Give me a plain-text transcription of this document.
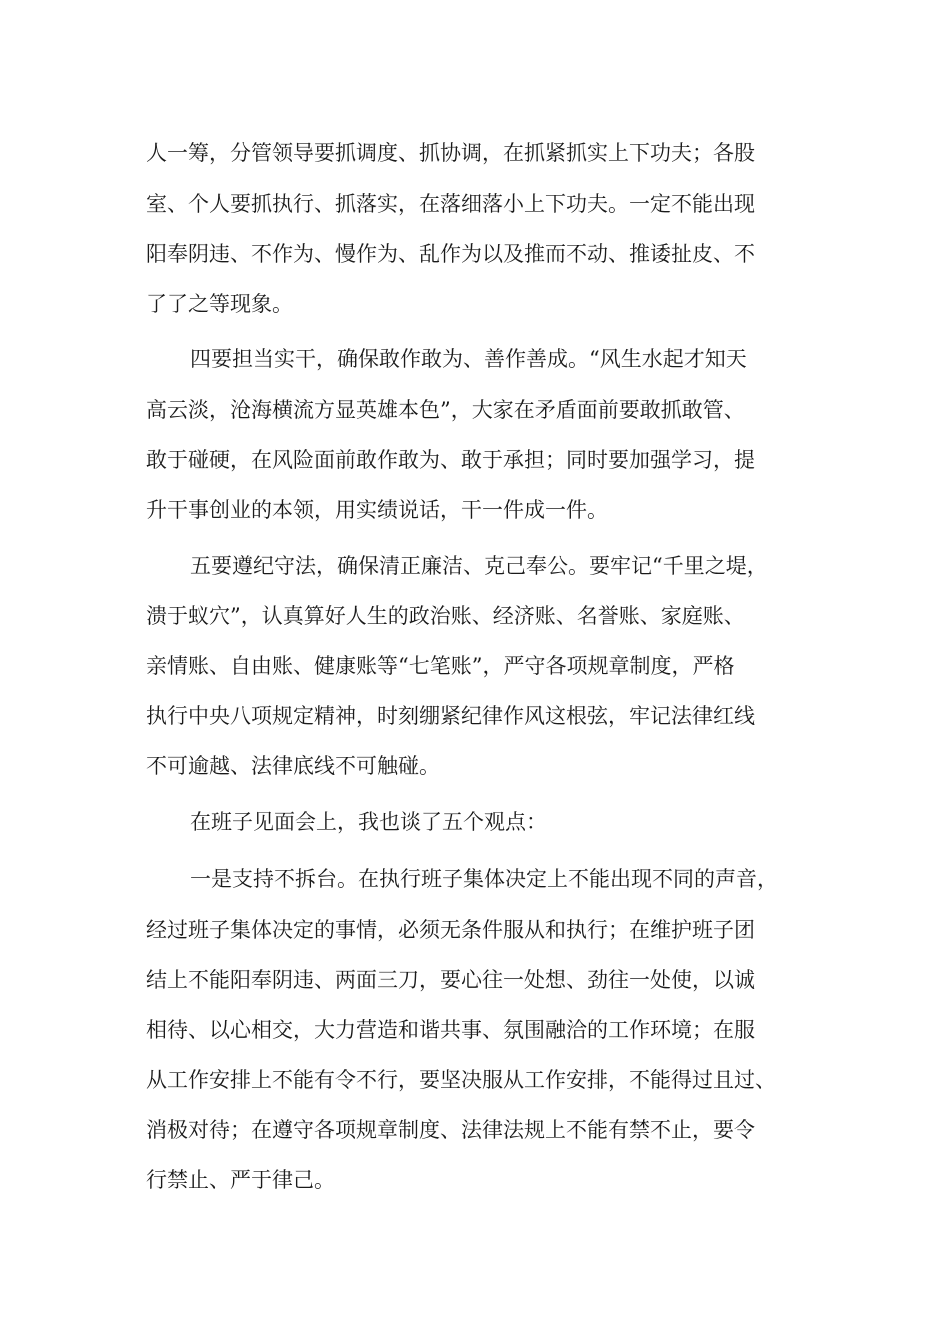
人一筹，分管领导要抓调度、抓协调，在抓紧抓实上下功夫；各股
室、个人要抓执行、抓落实，在落细落小上下功夫。一定不能出现
阳奉阴违、不作为、慢作为、乱作为以及推而不动、推诿扯皮、不
了了之等现象。
四要担当实干，确保敢作敢为、善作善成。“风生水起才知天
高云淡，沧海横流方显英雄本色”，大家在矛盾面前要敢抓敢管、
敢于碰硬，在风险面前敢作敢为、敢于承担；同时要加强学习，提
升干事创业的本领，用实绩说话，干一件成一件。
五要遵纪守法，确保清正廉洁、克己奉公。要牢记“千里之堤，
溃于蚁穴”，认真算好人生的政治账、经济账、名誉账、家庭账、
亲情账、自由账、健康账等“七笔账”，严守各项规章制度，严格
执行中央八项规定精神，时刻绷紧纪律作风这根弦，牢记法律红线
不可逾越、法律底线不可触碰。
在班子见面会上，我也谈了五个观点：
一是支持不拆台。在执行班子集体决定上不能出现不同的声音，
经过班子集体决定的事情，必须无条件服从和执行；在维护班子团
结上不能阳奉阴违、两面三刀，要心往一处想、劲往一处使，以诚
相待、以心相交，大力营造和谐共事、氛围融洽的工作环境；在服
从工作安排上不能有令不行，要坚决服从工作安排，不能得过且过、
消极对待；在遵守各项规章制度、法律法规上不能有禁不止，要令
行禁止、严于律己。
